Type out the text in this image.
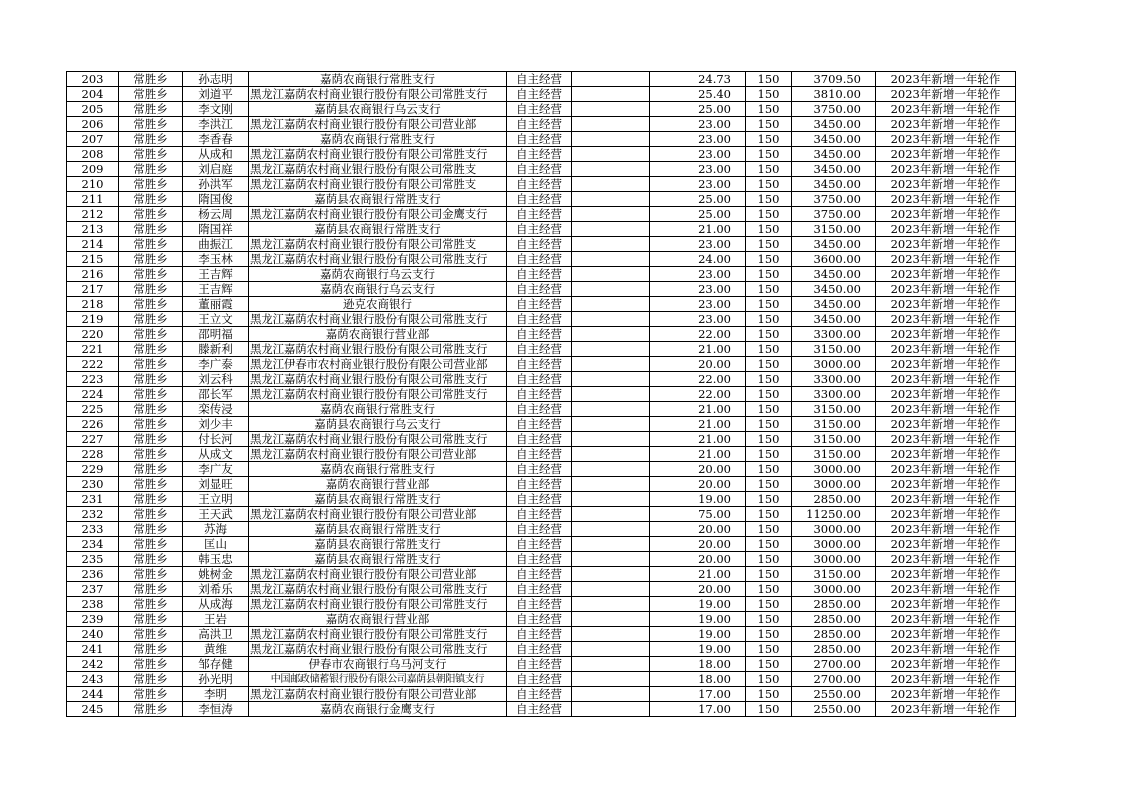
203	常胜乡	孙志明	嘉荫农商银行常胜支行	自主经营		24.73	150	3709.50	2023年新增一年轮作
204	常胜乡	刘道平	黑龙江嘉荫农村商业银行股份有限公司常胜支行	自主经营		25.40	150	3810.00	2023年新增一年轮作
205	常胜乡	李文刚	嘉荫县农商银行乌云支行	自主经营		25.00	150	3750.00	2023年新增一年轮作
206	常胜乡	李洪江	黑龙江嘉荫农村商业银行股份有限公司营业部	自主经营		23.00	150	3450.00	2023年新增一年轮作
207	常胜乡	李香春	嘉荫农商银行常胜支行	自主经营		23.00	150	3450.00	2023年新增一年轮作
208	常胜乡	从成和	黑龙江嘉荫农村商业银行股份有限公司常胜支行	自主经营		23.00	150	3450.00	2023年新增一年轮作
209	常胜乡	刘启庭	黑龙江嘉荫农村商业银行股份有限公司常胜支	自主经营		23.00	150	3450.00	2023年新增一年轮作
210	常胜乡	孙洪军	黑龙江嘉荫农村商业银行股份有限公司常胜支	自主经营		23.00	150	3450.00	2023年新增一年轮作
211	常胜乡	隋国俊	嘉荫县农商银行常胜支行	自主经营		25.00	150	3750.00	2023年新增一年轮作
212	常胜乡	杨云周	黑龙江嘉荫农村商业银行股份有限公司金鹰支行	自主经营		25.00	150	3750.00	2023年新增一年轮作
213	常胜乡	隋国祥	嘉荫县农商银行常胜支行	自主经营		21.00	150	3150.00	2023年新增一年轮作
214	常胜乡	曲振江	黑龙江嘉荫农村商业银行股份有限公司常胜支	自主经营		23.00	150	3450.00	2023年新增一年轮作
215	常胜乡	李玉林	黑龙江嘉荫农村商业银行股份有限公司常胜支行	自主经营		24.00	150	3600.00	2023年新增一年轮作
216	常胜乡	王吉辉	嘉荫农商银行乌云支行	自主经营		23.00	150	3450.00	2023年新增一年轮作
217	常胜乡	王吉辉	嘉荫农商银行乌云支行	自主经营		23.00	150	3450.00	2023年新增一年轮作
218	常胜乡	董丽霞	逊克农商银行	自主经营		23.00	150	3450.00	2023年新增一年轮作
219	常胜乡	王立文	黑龙江嘉荫农村商业银行股份有限公司常胜支行	自主经营		23.00	150	3450.00	2023年新增一年轮作
220	常胜乡	邵明福	嘉荫农商银行营业部	自主经营		22.00	150	3300.00	2023年新增一年轮作
221	常胜乡	滕新利	黑龙江嘉荫农村商业银行股份有限公司常胜支行	自主经营		21.00	150	3150.00	2023年新增一年轮作
222	常胜乡	李广泰	黑龙江伊春市农村商业银行股份有限公司营业部	自主经营		20.00	150	3000.00	2023年新增一年轮作
223	常胜乡	刘云科	黑龙江嘉荫农村商业银行股份有限公司常胜支行	自主经营		22.00	150	3300.00	2023年新增一年轮作
224	常胜乡	邵长军	黑龙江嘉荫农村商业银行股份有限公司常胜支行	自主经营		22.00	150	3300.00	2023年新增一年轮作
225	常胜乡	栾传浸	嘉荫农商银行常胜支行	自主经营		21.00	150	3150.00	2023年新增一年轮作
226	常胜乡	刘少丰	嘉荫县农商银行乌云支行	自主经营		21.00	150	3150.00	2023年新增一年轮作
227	常胜乡	付长河	黑龙江嘉荫农村商业银行股份有限公司常胜支行	自主经营		21.00	150	3150.00	2023年新增一年轮作
228	常胜乡	从成文	黑龙江嘉荫农村商业银行股份有限公司营业部	自主经营		21.00	150	3150.00	2023年新增一年轮作
229	常胜乡	李广友	嘉荫农商银行常胜支行	自主经营		20.00	150	3000.00	2023年新增一年轮作
230	常胜乡	刘显旺	嘉荫农商银行营业部	自主经营		20.00	150	3000.00	2023年新增一年轮作
231	常胜乡	王立明	嘉荫县农商银行常胜支行	自主经营		19.00	150	2850.00	2023年新增一年轮作
232	常胜乡	王天武	黑龙江嘉荫农村商业银行股份有限公司营业部	自主经营		75.00	150	11250.00	2023年新增一年轮作
233	常胜乡	苏海	嘉荫县农商银行常胜支行	自主经营		20.00	150	3000.00	2023年新增一年轮作
234	常胜乡	匡山	嘉荫县农商银行常胜支行	自主经营		20.00	150	3000.00	2023年新增一年轮作
235	常胜乡	韩玉忠	嘉荫县农商银行常胜支行	自主经营		20.00	150	3000.00	2023年新增一年轮作
236	常胜乡	姚树金	黑龙江嘉荫农村商业银行股份有限公司营业部	自主经营		21.00	150	3150.00	2023年新增一年轮作
237	常胜乡	刘希乐	黑龙江嘉荫农村商业银行股份有限公司常胜支行	自主经营		20.00	150	3000.00	2023年新增一年轮作
238	常胜乡	从成海	黑龙江嘉荫农村商业银行股份有限公司常胜支行	自主经营		19.00	150	2850.00	2023年新增一年轮作
239	常胜乡	王岩	嘉荫农商银行营业部	自主经营		19.00	150	2850.00	2023年新增一年轮作
240	常胜乡	高洪卫	黑龙江嘉荫农村商业银行股份有限公司常胜支行	自主经营		19.00	150	2850.00	2023年新增一年轮作
241	常胜乡	黄维	黑龙江嘉荫农村商业银行股份有限公司常胜支行	自主经营		19.00	150	2850.00	2023年新增一年轮作
242	常胜乡	邹存健	伊春市农商银行乌马河支行	自主经营		18.00	150	2700.00	2023年新增一年轮作
243	常胜乡	孙光明	中国邮政储蓄银行股份有限公司嘉荫县朝阳镇支行	自主经营		18.00	150	2700.00	2023年新增一年轮作
244	常胜乡	李明	黑龙江嘉荫农村商业银行股份有限公司营业部	自主经营		17.00	150	2550.00	2023年新增一年轮作
245	常胜乡	李恒涛	嘉荫农商银行金鹰支行	自主经营		17.00	150	2550.00	2023年新增一年轮作
